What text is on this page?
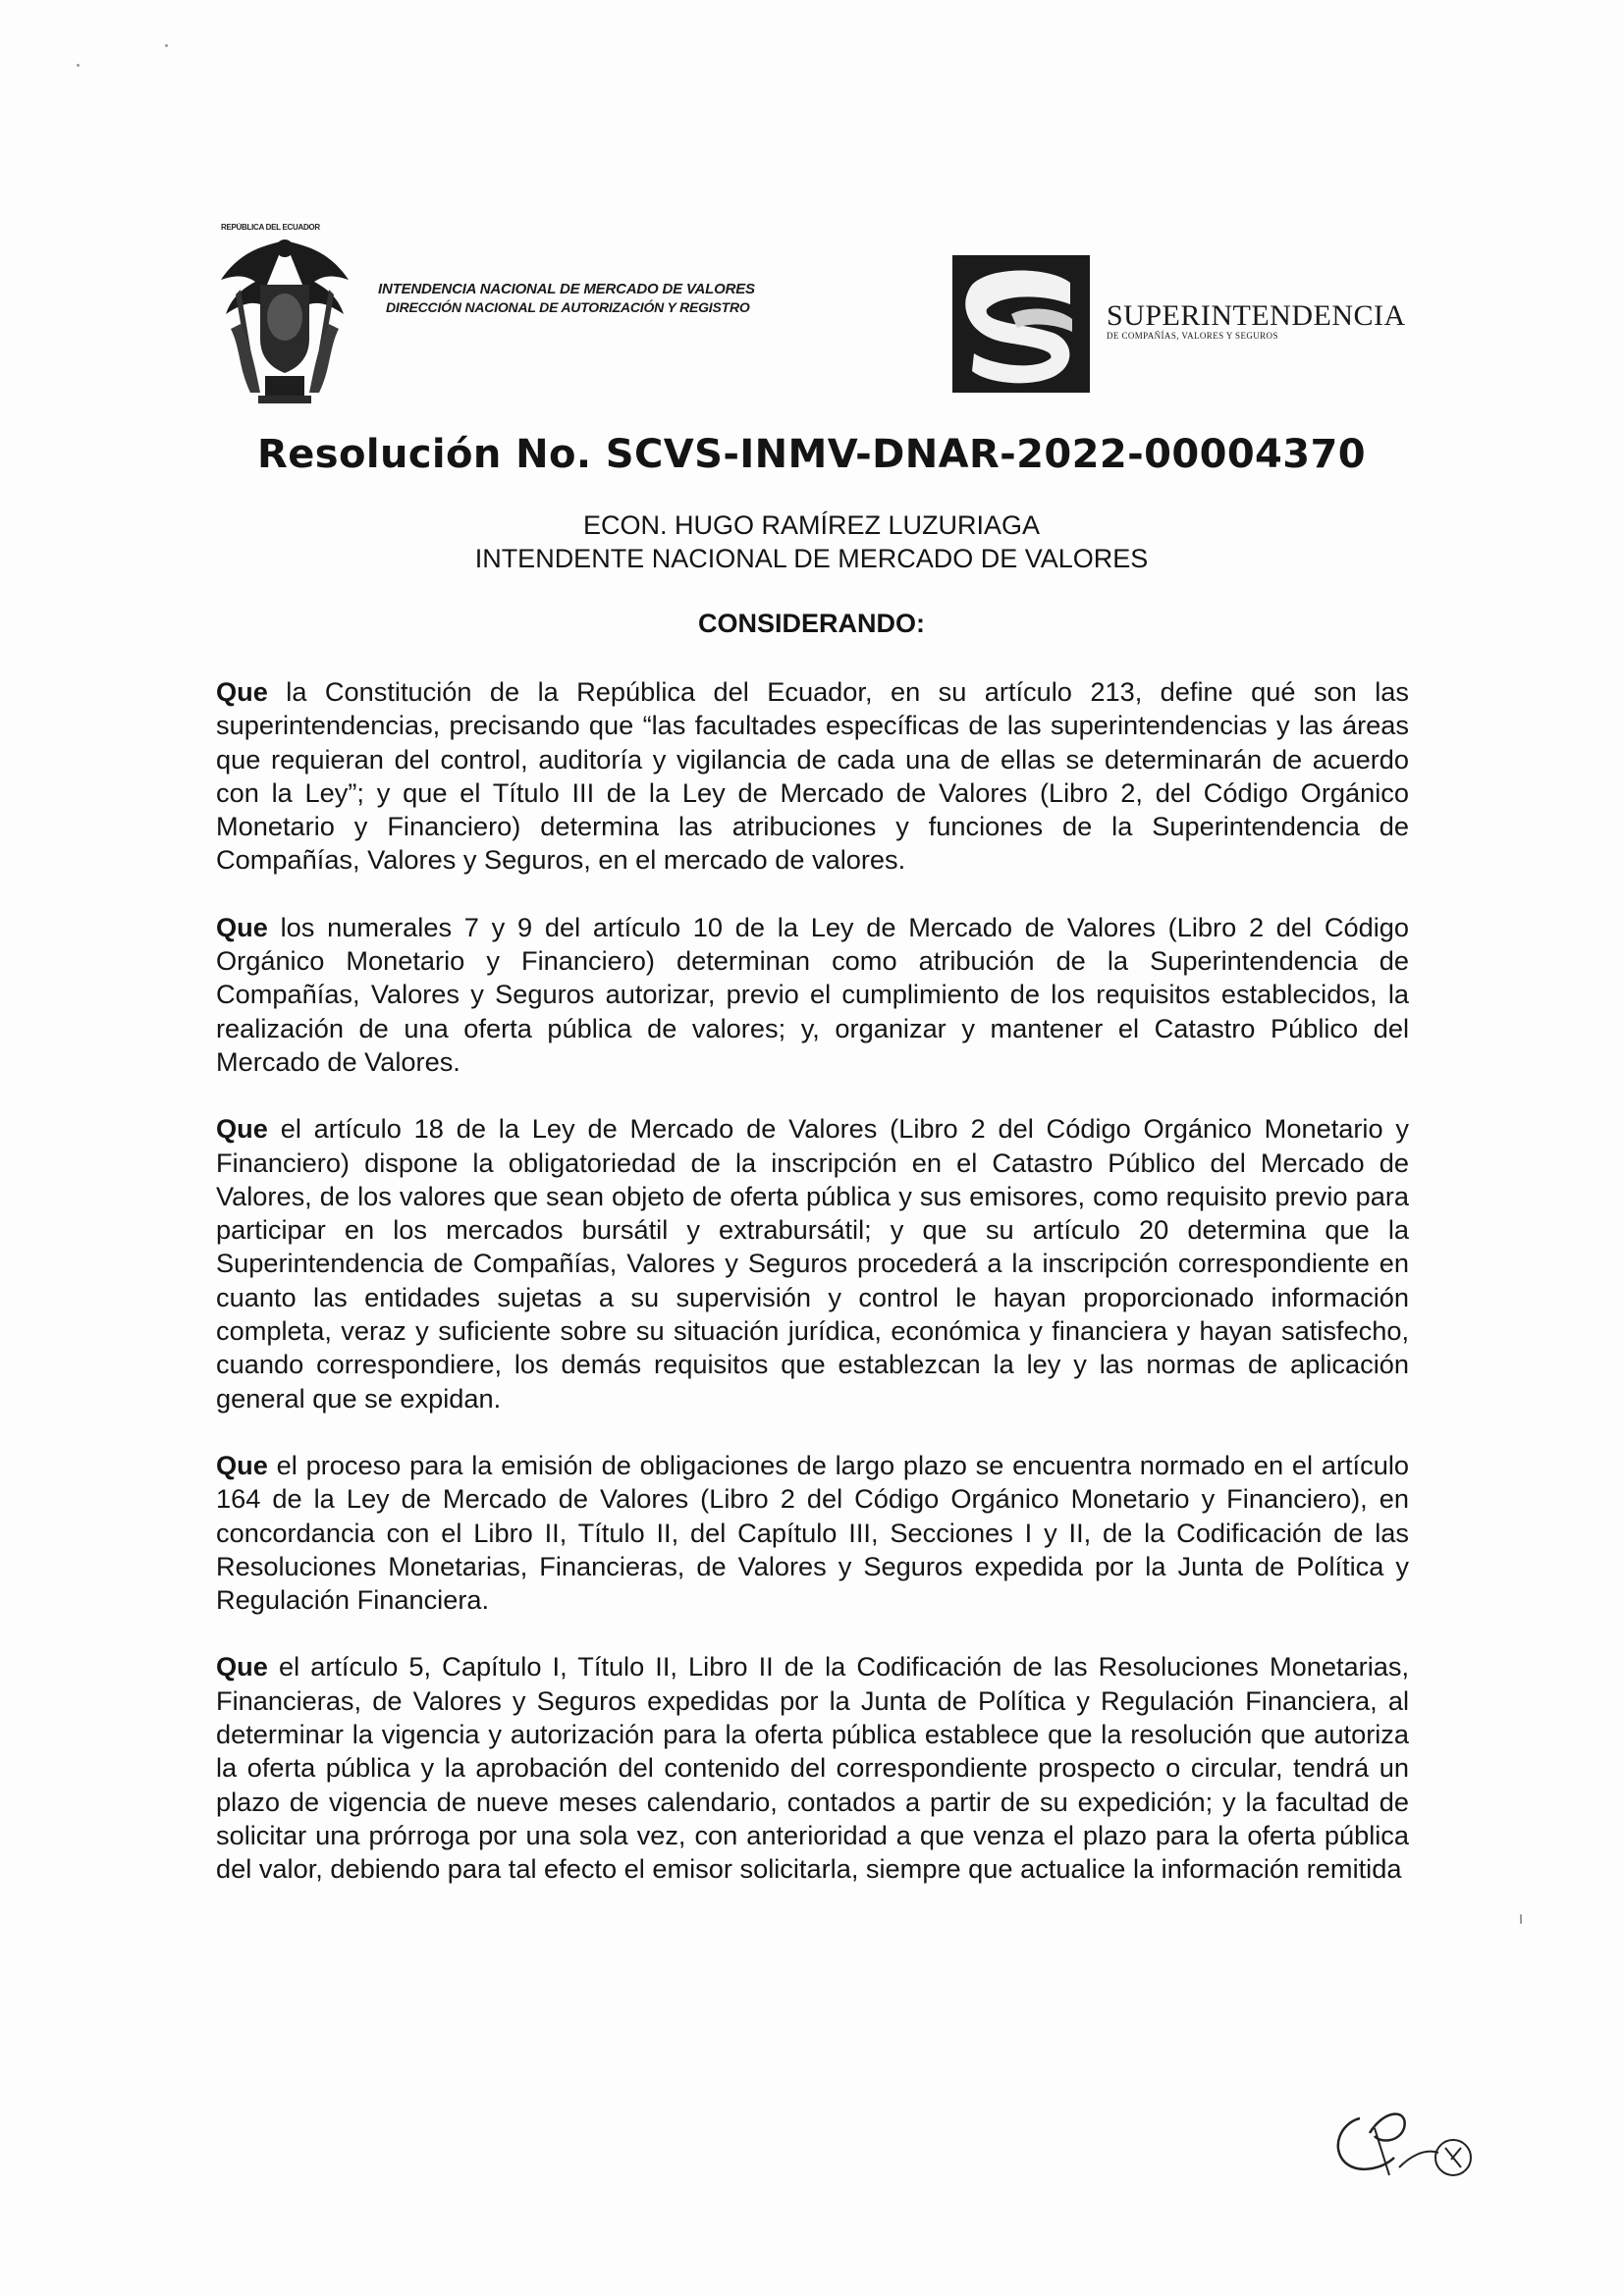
REPÚBLICA DEL ECUADOR
INTENDENCIA NACIONAL DE MERCADO DE VALORES
DIRECCIÓN NACIONAL DE AUTORIZACIÓN Y REGISTRO	SUPERINTENDENCIA
DE COMPAÑÍAS, VALORES Y SEGUROS
Resolución No. SCVS-INMV-DNAR-2022-00004370
ECON. HUGO RAMÍREZ LUZURIAGA
INTENDENTE NACIONAL DE MERCADO DE VALORES
CONSIDERANDO:

Que la Constitución de la República del Ecuador, en su artículo 213, define qué son las superintendencias, precisando que “las facultades específicas de las superintendencias y las áreas que requieran del control, auditoría y vigilancia de cada una de ellas se determinarán de acuerdo con la Ley”; y que el Título III de la Ley de Mercado de Valores (Libro 2, del Código Orgánico Monetario y Financiero) determina las atribuciones y funciones de la Superintendencia de Compañías, Valores y Seguros, en el mercado de valores.

Que los numerales 7 y 9 del artículo 10 de la Ley de Mercado de Valores (Libro 2 del Código Orgánico Monetario y Financiero) determinan como atribución de la Superintendencia de Compañías, Valores y Seguros autorizar, previo el cumplimiento de los requisitos establecidos, la realización de una oferta pública de valores; y, organizar y mantener el Catastro Público del Mercado de Valores.

Que el artículo 18 de la Ley de Mercado de Valores (Libro 2 del Código Orgánico Monetario y Financiero) dispone la obligatoriedad de la inscripción en el Catastro Público del Mercado de Valores, de los valores que sean objeto de oferta pública y sus emisores, como requisito previo para participar en los mercados bursátil y extrabursátil; y que su artículo 20 determina que la Superintendencia de Compañías, Valores y Seguros procederá a la inscripción correspondiente en cuanto las entidades sujetas a su supervisión y control le hayan proporcionado información completa, veraz y suficiente sobre su situación jurídica, económica y financiera y hayan satisfecho, cuando correspondiere, los demás requisitos que establezcan la ley y las normas de aplicación general que se expidan.

Que el proceso para la emisión de obligaciones de largo plazo se encuentra normado en el artículo 164 de la Ley de Mercado de Valores (Libro 2 del Código Orgánico Monetario y Financiero), en concordancia con el Libro II, Título II, del Capítulo III, Secciones I y II, de la Codificación de las Resoluciones Monetarias, Financieras, de Valores y Seguros expedida por la Junta de Política y Regulación Financiera.

Que el artículo 5, Capítulo I, Título II, Libro II de la Codificación de las Resoluciones Monetarias, Financieras, de Valores y Seguros expedidas por la Junta de Política y Regulación Financiera, al determinar la vigencia y autorización para la oferta pública establece que la resolución que autoriza la oferta pública y la aprobación del contenido del correspondiente prospecto o circular, tendrá un plazo de vigencia de nueve meses calendario, contados a partir de su expedición; y la facultad de solicitar una prórroga por una sola vez, con anterioridad a que venza el plazo para la oferta pública del valor, debiendo para tal efecto el emisor solicitarla, siempre que actualice la información remitida
